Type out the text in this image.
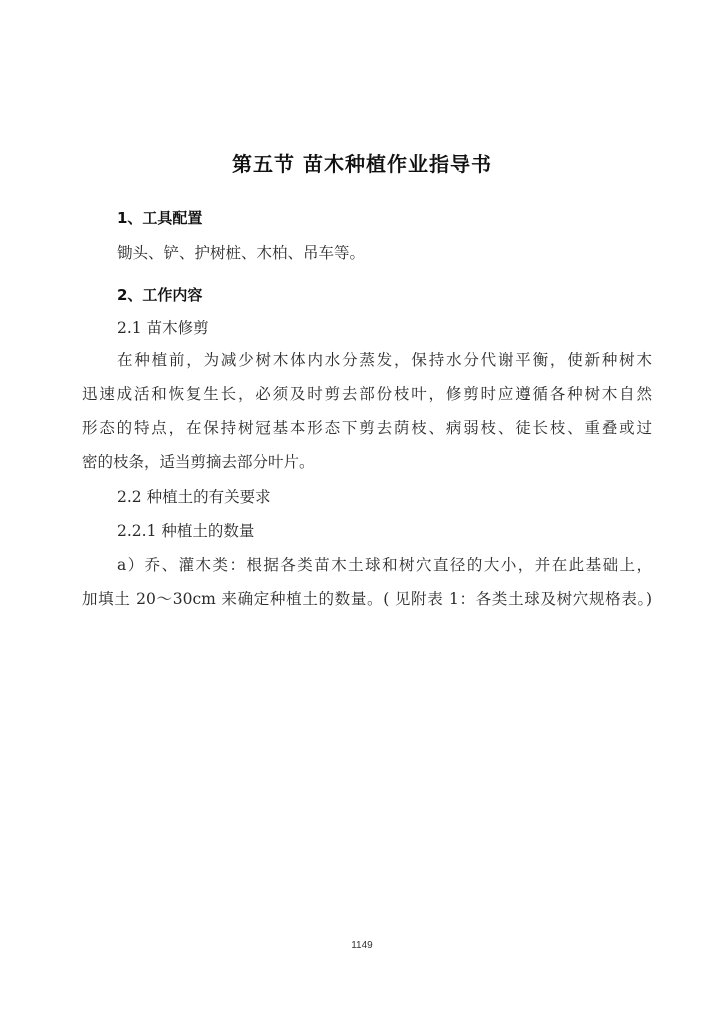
第五节 苗木种植作业指导书
1、工具配置
锄头、铲、护树桩、木柏、吊车等。
2、工作内容
2.1 苗木修剪
在种植前，为减少树木体内水分蒸发，保持水分代谢平衡，使新种树木
迅速成活和恢复生长，必须及时剪去部份枝叶，修剪时应遵循各种树木自然
形态的特点，在保持树冠基本形态下剪去荫枝、病弱枝、徒长枝、重叠或过
密的枝条，适当剪摘去部分叶片。
2.2 种植土的有关要求
2.2.1 种植土的数量
a）乔、灌木类：根据各类苗木土球和树穴直径的大小，并在此基础上，
加填土 20～30cm 来确定种植土的数量。( 见附表 1：各类土球及树穴规格表。)
1149
